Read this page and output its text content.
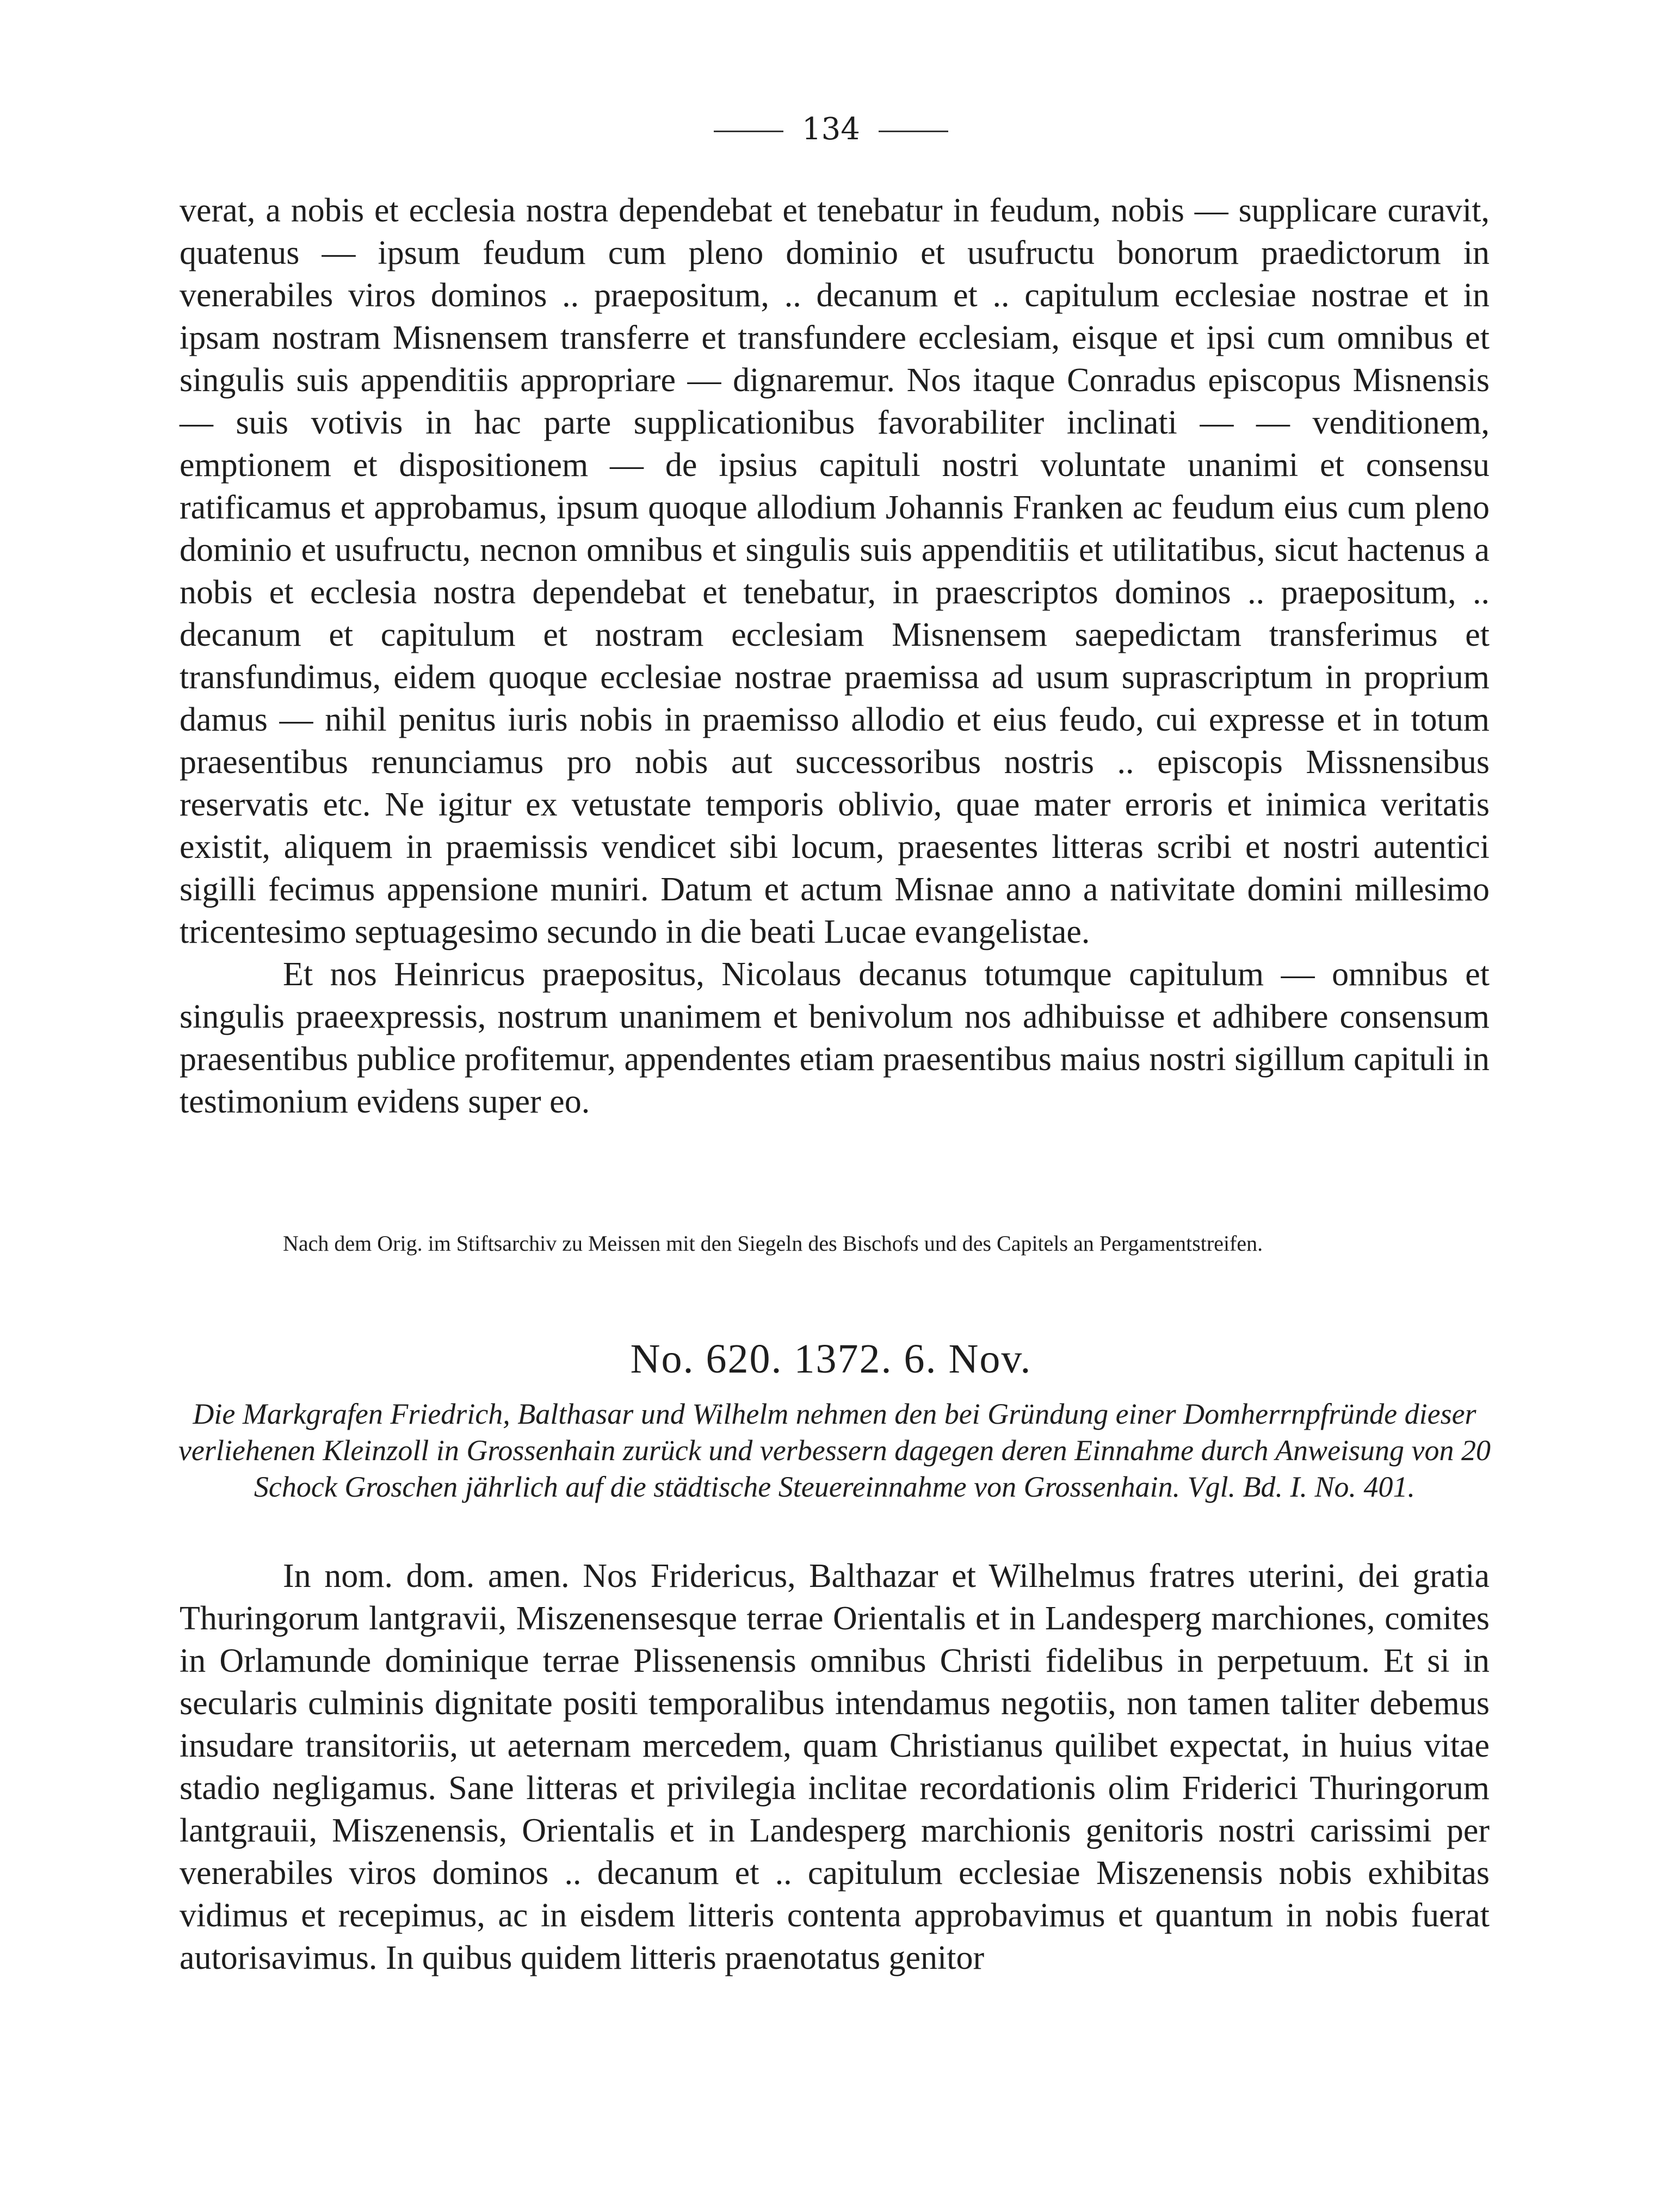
134

verat, a nobis et ecclesia nostra dependebat et tenebatur in feudum, nobis — supplicare curavit, quatenus — ipsum feudum cum pleno dominio et usufructu bonorum praedictorum in venerabiles viros dominos .. praepositum, .. decanum et .. capitulum ecclesiae nostrae et in ipsam nostram Misnensem transferre et transfundere ecclesiam, eisque et ipsi cum omnibus et singulis suis appenditiis appropriare — dignaremur. Nos itaque Conradus episcopus Misnensis — suis votivis in hac parte supplicationibus favorabiliter inclinati — — venditionem, emptionem et dispositionem — de ipsius capituli nostri voluntate unanimi et consensu ratificamus et approbamus, ipsum quoque allodium Johannis Franken ac feudum eius cum pleno dominio et usufructu, necnon omnibus et singulis suis appenditiis et utilitatibus, sicut hactenus a nobis et ecclesia nostra dependebat et tenebatur, in praescriptos dominos .. praepositum, .. decanum et capitulum et nostram ecclesiam Misnensem saepedictam transferimus et transfundimus, eidem quoque ecclesiae nostrae praemissa ad usum suprascriptum in proprium damus — nihil penitus iuris nobis in praemisso allodio et eius feudo, cui expresse et in totum praesentibus renunciamus pro nobis aut successoribus nostris .. episcopis Missnensibus reservatis etc. Ne igitur ex vetustate temporis oblivio, quae mater erroris et inimica veritatis existit, aliquem in praemissis vendicet sibi locum, praesentes litteras scribi et nostri autentici sigilli fecimus appensione muniri. Datum et actum Misnae anno a nativitate domini millesimo tricentesimo septuagesimo secundo in die beati Lucae evangelistae.

Et nos Heinricus praepositus, Nicolaus decanus totumque capitulum — omnibus et singulis praeexpressis, nostrum unanimem et benivolum nos adhibuisse et adhibere consensum praesentibus publice profitemur, appendentes etiam praesentibus maius nostri sigillum capituli in testimonium evidens super eo.

Nach dem Orig. im Stiftsarchiv zu Meissen mit den Siegeln des Bischofs und des Capitels an Pergamentstreifen.
No. 620. 1372. 6. Nov.
Die Markgrafen Friedrich, Balthasar und Wilhelm nehmen den bei Gründung einer Domherrnpfründe dieser verliehenen Kleinzoll in Grossenhain zurück und verbessern dagegen deren Einnahme durch Anweisung von 20 Schock Groschen jährlich auf die städtische Steuereinnahme von Grossenhain. Vgl. Bd. I. No. 401.

In nom. dom. amen. Nos Fridericus, Balthazar et Wilhelmus fratres uterini, dei gratia Thuringorum lantgravii, Miszenensesque terrae Orientalis et in Landesperg marchiones, comites in Orlamunde dominique terrae Plissenensis omnibus Christi fidelibus in perpetuum. Et si in secularis culminis dignitate positi temporalibus intendamus negotiis, non tamen taliter debemus insudare transitoriis, ut aeternam mercedem, quam Christianus quilibet expectat, in huius vitae stadio negligamus. Sane litteras et privilegia inclitae recordationis olim Friderici Thuringorum lantgrauii, Miszenensis, Orientalis et in Landesperg marchionis genitoris nostri carissimi per venerabiles viros dominos .. decanum et .. capitulum ecclesiae Miszenensis nobis exhibitas vidimus et recepimus, ac in eisdem litteris contenta approbavimus et quantum in nobis fuerat autorisavimus. In quibus quidem litteris praenotatus genitor
